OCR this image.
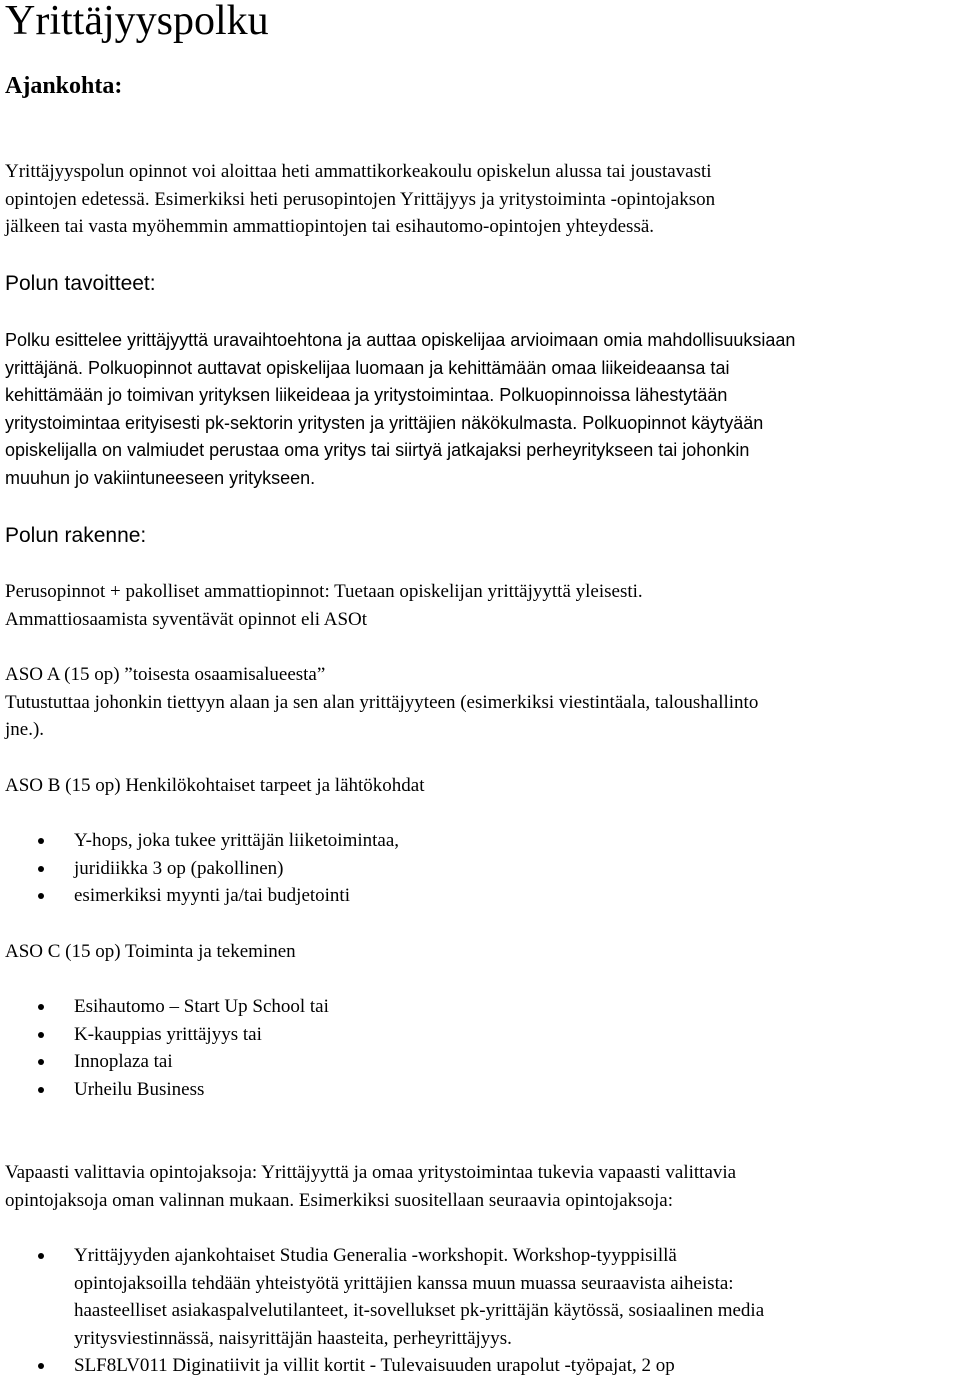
Yrittäjyyspolku
Ajankohta:

Yrittäjyyspolun opinnot voi aloittaa heti ammattikorkeakoulu opiskelun alussa tai joustavasti
opintojen edetessä. Esimerkiksi heti perusopintojen Yrittäjyys ja yritystoiminta -opintojakson
jälkeen tai vasta myöhemmin ammattiopintojen tai esihautomo-opintojen yhteydessä.

Polun tavoitteet:

Polku esittelee yrittäjyyttä uravaihtoehtona ja auttaa opiskelijaa arvioimaan omia mahdollisuuksiaan
yrittäjänä. Polkuopinnot auttavat opiskelijaa luomaan ja kehittämään omaa liikeideaansa tai
kehittämään jo toimivan yrityksen liikeideaa ja yritystoimintaa. Polkuopinnoissa lähestytään
yritystoimintaa erityisesti pk-sektorin yritysten ja yrittäjien näkökulmasta. Polkuopinnot käytyään
opiskelijalla on valmiudet perustaa oma yritys tai siirtyä jatkajaksi perheyritykseen tai johonkin
muuhun jo vakiintuneeseen yritykseen.

Polun rakenne:

Perusopinnot + pakolliset ammattiopinnot: Tuetaan opiskelijan yrittäjyyttä yleisesti.
Ammattiosaamista syventävät opinnot eli ASOt

ASO A (15 op) ”toisesta osaamisalueesta”
Tutustuttaa johonkin tiettyyn alaan ja sen alan yrittäjyyteen (esimerkiksi viestintäala, taloushallinto
jne.).

ASO B (15 op) Henkilökohtaiset tarpeet ja lähtökohdat

Y-hops, joka tukee yrittäjän liiketoimintaa,
juridiikka 3 op (pakollinen)
esimerkiksi myynti ja/tai budjetointi

ASO C (15 op) Toiminta ja tekeminen

Esihautomo – Start Up School tai
K-kauppias yrittäjyys tai
Innoplaza tai
Urheilu Business

Vapaasti valittavia opintojaksoja: Yrittäjyyttä ja omaa yritystoimintaa tukevia vapaasti valittavia
opintojaksoja oman valinnan mukaan. Esimerkiksi suositellaan seuraavia opintojaksoja:

Yrittäjyyden ajankohtaiset Studia Generalia -workshopit. Workshop-tyyppisillä
opintojaksoilla tehdään yhteistyötä yrittäjien kanssa muun muassa seuraavista aiheista:
haasteelliset asiakaspalvelutilanteet, it-sovellukset pk-yrittäjän käytössä, sosiaalinen media
yritysviestinnässä, naisyrittäjän haasteita, perheyrittäjyys.
SLF8LV011 Diginatiivit ja villit kortit - Tulevaisuuden urapolut -työpajat, 2 op
